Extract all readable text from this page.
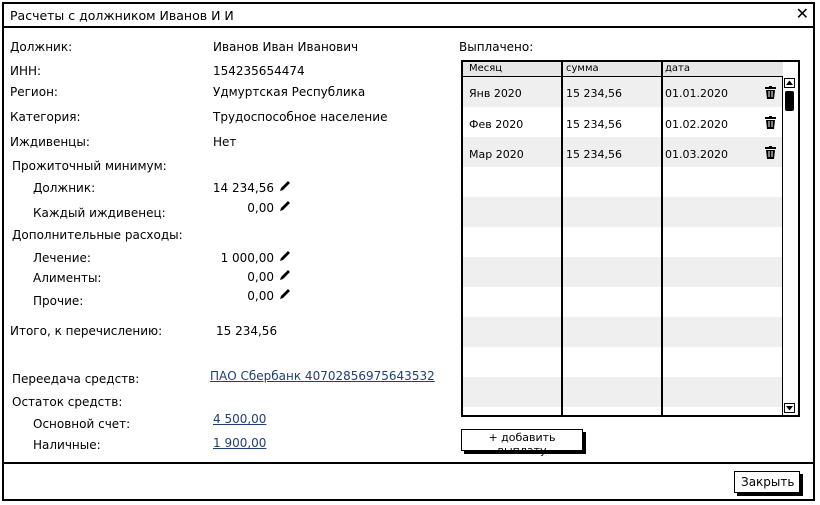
Расчеты с должником Иванов И И	✕
Должник:	Иванов Иван Иванович
ИНН:	154235654474
Регион:	Удмуртская Республика
Категория:	Трудоспособное население
Иждивенцы:	Нет
Прожиточный минимум:
Должник:	14 234,56
Каждый иждивенец:	0,00
Дополнительные расходы:
Лечение:	1 000,00
Алименты:	0,00
Прочие:	0,00
Итого, к перечислению:	15 234,56
Переедача средств:	ПАО Сбербанк 40702856975643532
Остаток средств:
Основной счет:	4 500,00
Наличные:	1 900,00
Выплачено:
Месяц	сумма	дата
Янв 2020	15 234,56	01.01.2020
Фев 2020	15 234,56	01.02.2020
Мар 2020	15 234,56	01.03.2020
+ добавить выплату
Закрыть
